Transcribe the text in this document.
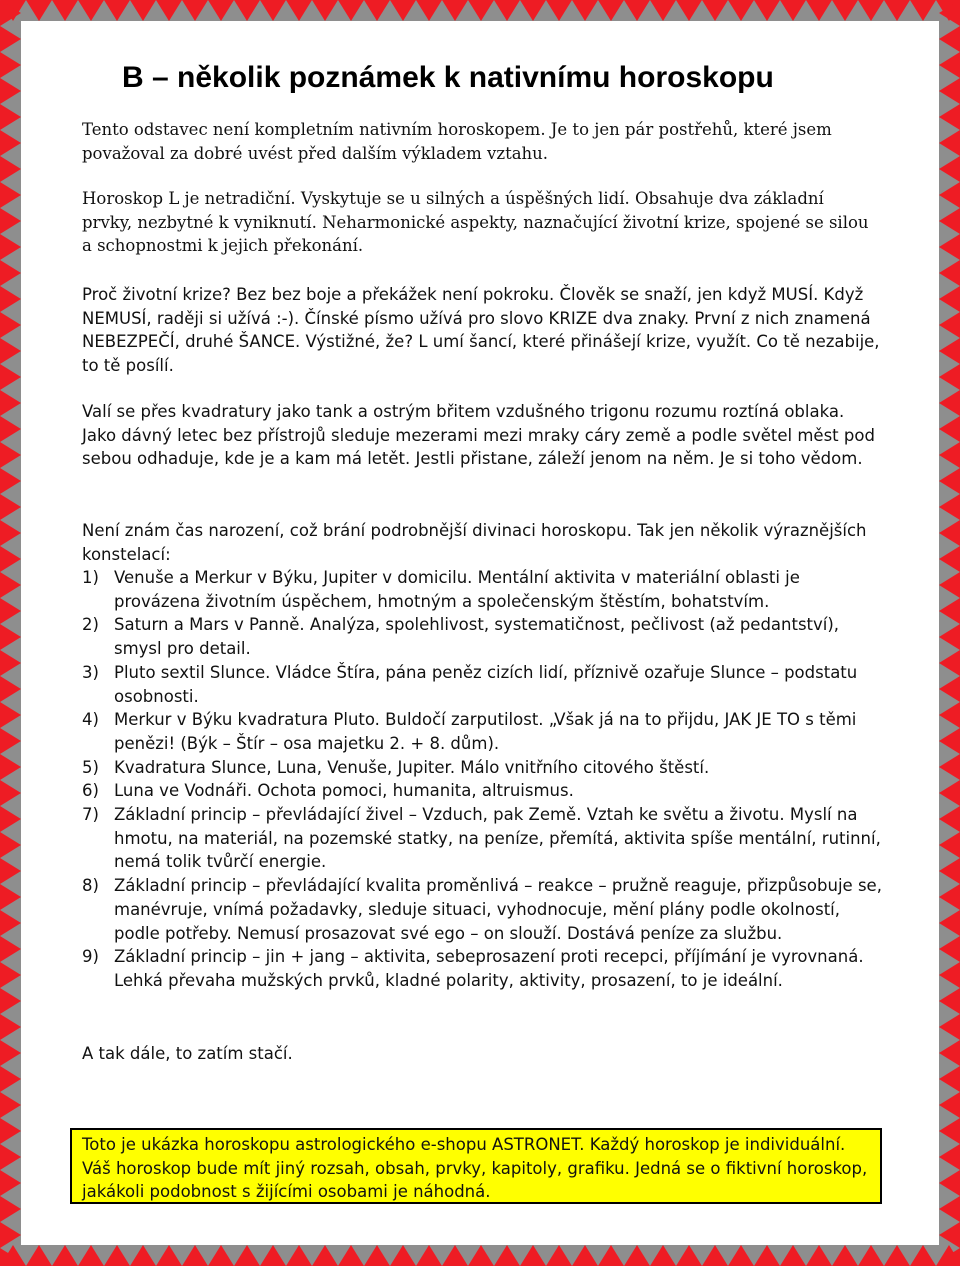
B – několik poznámek k nativnímu horoskopu
Tento odstavec není kompletním nativním horoskopem. Je to jen pár postřehů, které jsem považoval za dobré uvést před dalším výkladem vztahu.
Horoskop L je netradiční. Vyskytuje se u silných a úspěšných lidí. Obsahuje dva základní prvky, nezbytné k vyniknutí. Neharmonické aspekty, naznačující životní krize, spojené se silou a schopnostmi k jejich překonání.
Proč životní krize? Bez bez boje a překážek není pokroku. Člověk se snaží, jen když MUSÍ. Když NEMUSÍ, raději si užívá :-). Čínské písmo užívá pro slovo KRIZE dva znaky. První z nich znamená NEBEZPEČÍ, druhé ŠANCE. Výstižné, že? L umí šancí, které přinášejí krize, využít. Co tě nezabije, to tě posílí.
Valí se přes kvadratury jako tank a ostrým břitem vzdušného trigonu rozumu roztíná oblaka. Jako dávný letec bez přístrojů sleduje mezerami mezi mraky cáry země a podle světel měst pod sebou odhaduje, kde je a kam má letět. Jestli přistane, záleží jenom na něm. Je si toho vědom.
Není znám čas narození, což brání podrobnější divinaci horoskopu. Tak jen několik výraznějších konstelací:
1) Venuše a Merkur v Býku, Jupiter v domicilu. Mentální aktivita v materiální oblasti je provázena životním úspěchem, hmotným a společenským štěstím, bohatstvím.
2) Saturn a Mars v Panně. Analýza, spolehlivost, systematičnost, pečlivost (až pedantství), smysl pro detail.
3) Pluto sextil Slunce. Vládce Štíra, pána peněz cizích lidí, příznivě ozařuje Slunce – podstatu osobnosti.
4) Merkur v Býku kvadratura Pluto. Buldočí zarputilost. „Však já na to přijdu, JAK JE TO s těmi penězi! (Býk – Štír – osa majetku 2. + 8. dům).
5) Kvadratura Slunce, Luna, Venuše, Jupiter. Málo vnitřního citového štěstí.
6) Luna ve Vodnáři. Ochota pomoci, humanita, altruismus.
7) Základní princip – převládající živel – Vzduch, pak Země. Vztah ke světu a životu. Myslí na hmotu, na materiál, na pozemské statky, na peníze, přemítá, aktivita spíše mentální, rutinní, nemá tolik tvůrčí energie.
8) Základní princip – převládající kvalita proměnlivá – reakce – pružně reaguje, přizpůsobuje se, manévruje, vnímá požadavky, sleduje situaci, vyhodnocuje, mění plány podle okolností, podle potřeby. Nemusí prosazovat své ego – on slouží. Dostává peníze za službu.
9) Základní princip – jin + jang – aktivita, sebeprosazení proti recepci, příjímání je vyrovnaná. Lehká převaha mužských prvků, kladné polarity, aktivity, prosazení, to je ideální.
A tak dále, to zatím stačí.
Toto je ukázka horoskopu astrologického e-shopu ASTRONET. Každý horoskop je individuální. Váš horoskop bude mít jiný rozsah, obsah, prvky, kapitoly, grafiku. Jedná se o fiktivní horoskop, jakákoli podobnost s žijícími osobami je náhodná.
